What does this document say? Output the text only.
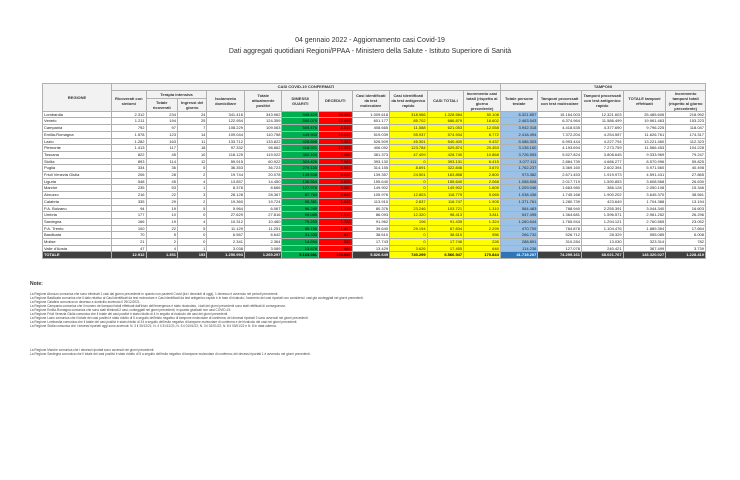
04 gennaio 2022 - Aggiornamento casi Covid-19
Dati aggregati quotidiani Regioni/PPAA - Ministero della Salute - Istituto Superiore di Sanità
REGIONE	CASI COVID-19 CONFERMATI											TAMPONI				
	Ricoverati con sintomi	Terapia intensiva		Isolamento domiciliare	Totale attualmente positivi	DIMESSI/ GUARITI	DECEDUTI	Casi identificati da test molecolare	Casi identificati da test antigenico rapido	CASI TOTALI	Incremento casi totali (rispetto al giorno precedente)	Totale persone testate	Tamponi processati con test molecolare	Tamponi processati con test antigenico rapido	TOTALE tamponi effettuati	Incremento tamponi totali (rispetto al giorno precedente)
		Totale ricoverati	Ingressi del giorno													
Lombardia	2.312	234	24	341.416	343.962	949.429	35.193	1.009.618	318.966	1.328.584	50.108	6.321.857	15.164.003	12.321.603	25.485.606	218.992
Veneto	1.211	194	25	122.954	124.359	550.075	12.445	601.177	85.702	686.879	16.602	2.463.543	6.374.964	11.586.499	19.961.463	153.223
Campania	792	97	7	108.229	109.063	509.476	8.510	408.665	11.588	621.053	12.058	3.942.318	4.418.535	4.377.690	9.796.225	118.047
Emilia-Romagna	1.578	123	14	109.044	110.758	449.933	14.243	519.039	55.937	574.934	8.772	2.418.494	7.372.204	4.254.557	11.626.761	174.317
Lazio	1.282	163	11	133.712	133.822	428.696	9.322	526.509	45.301	540.400	9.437	5.086.303	6.993.444	4.227.794	13.221.460	112.323
Piemonte	1.413	117	18	97.332	98.862	418.921	12.093	406.092	123.784	529.874	20.453	3.136.160	4.193.694	7.273.759	11.566.453	104.228
Toscana	822	45	10	118.125	119.022	302.160	7.580	381.373	47.409	428.740	10.868	3.726.553	5.527.824	3.808.645	9.333.969	79.247
Sicilia	893	114	12	59.915	60.922	324.426	7.583	393.130	0	393.131	6.415	3.077.111	2.884.739	4.686.277	8.570.996	59.825
Puglia	334	36	5	36.353	36.723	279.130	6.993	314.155	8.691	322.846	3.670	1.762.237	3.369.160	2.602.394	5.971.560	40.498
Friuli Venezia Giulia	206	28	2	19.744	20.078	139.538	4.242	139.357	24.501	163.858	2.800	973.382	2.671.453	1.919.973	4.591.431	27.865
Liguria	548	45	4	13.857	14.450	136.564	4.628	155.640	0	155.640	2.068	1.058.508	2.017.719	1.590.853	3.608.568	26.630
Marche	235	53	1	8.378	8.666	127.976	3.260	149.902	0	149.902	1.605	1.209.046	1.663.980	386.128	2.050.108	15.346
Abruzzo	216	22	3	28.128	28.367	87.764	2.648	105.976	12.803	118.779	5.065	1.038.436	1.745.168	1.900.202	3.645.370	38.561
Calabria	335	29	2	19.360	19.724	95.381	1.642	113.910	2.837	116.747	1.905	1.371.761	1.280.739	423.649	1.704.388	13.194
P.A. Bolzano	94	19	5	5.964	6.067	96.240	1.315	80.376	23.246	103.721	1.310	564.483	788.940	2.255.391	3.044.340	16.603
Umbria	177	10	0	27.629	27.816	69.085	1.512	86.093	12.320	98.413	3.811	547.495	1.364.681	1.596.571	2.961.252	26.296
Sardegna	166	19	4	10.312	10.460	79.253	1.722	91.962	106	91.435	1.324	1.260.644	1.765.944	1.294.121	2.760.565	23.052
P.A. Trento	100	22	5	11.129	11.251	55.156	1.427	39.640	29.194	67.834	2.299	470.709	784.878	1.104.476	1.889.354	17.664
Basilicata	70	5	0	6.567	6.642	31.333	647	38.610	0	38.610	956	266.732	526.712	28.329	555.085	6.008
Molise	21	2	0	2.341	2.364	14.694	532	17.743	0	17.746	228	288.891	310.284	13.030	323.314	782
Valle d'Aosta	47	4	1	3.038	3.089	13.878	488	13.429	3.626	17.455	648	114.238	127.078	240.421	367.499	3.739
TOTALE	12.912	1.351	153	1.250.993	1.265.297	5.163.081	138.045	5.826.649	740.299	6.566.947	170.844	41.719.207	74.299.161	68.021.767	143.320.027	1.228.410
Note:
La Regione Abruzzo comunica che sono eliminati 1 casi dal giorno precedente in quanto non pazienti Covid (tra i deceduti di oggi), 1 decesso è avvenuto nei periodi precedenti.
La Regione Basilicata comunica che il dato relativo ai Casi identificati da test molecolare e Casi identificati da test antigenico rapido è in fase di ricalcolo; l'aumento dei casi riportati non considera i casi già conteggiati nei giorni precedenti.
La Regione Calabria comunica un decesso a domicilio avvenuto il 29/12/2021.
La Regione Campania comunica che il numero dei tamponi totali effettuati dall'inizio dell'emergenza è stato ricalcolato, i dati dei giorni precedenti sono stati rettificati di conseguenza.
La Regione Emilia-Romagna comunica che sono stati eliminati 2 casi, conteggiati nei giorni precedenti, in quanto giudicati non casi COVID-19.
La Regione Friuli Venezia Giulia comunica che il totale dei casi positivi è stato ridotto di 4 in seguito al ricalcolo dei casi dei giorni precedenti.
La Regione Lazio comunica che il totale dei casi positivi è stato ridotto di 5 a seguito dell'esito negativo di tampone molecolare di conferma; dei decessi riportati 3 sono avvenuti nei giorni precedenti.
La Regione Lombardia comunica che il totale dei casi positivi è stato ridotto di 34 a seguito dell'esito negativo di tampone molecolare di conferma e del ricalcolo dei casi nei giorni precedenti.
La Regione Sicilia comunica che i decessi riportati oggi sono avvenuti: N. 3 il 30/12/21; N. 4 il 31/12/21; N. 5 il 01/01/22; N. 3 il 02/01/22; N. 8 il 03/01/22 e N. 8 in data odierna.
La Regione Marche comunica che i decessi riportati sono avvenuti nei giorni precedenti.
La Regione Sardegna comunica che il totale dei casi positivi è stato ridotto di 5 a seguito dell'esito negativo di tampone molecolare di conferma; dei decessi riportati 1 è avvenuto nei giorni precedenti.
